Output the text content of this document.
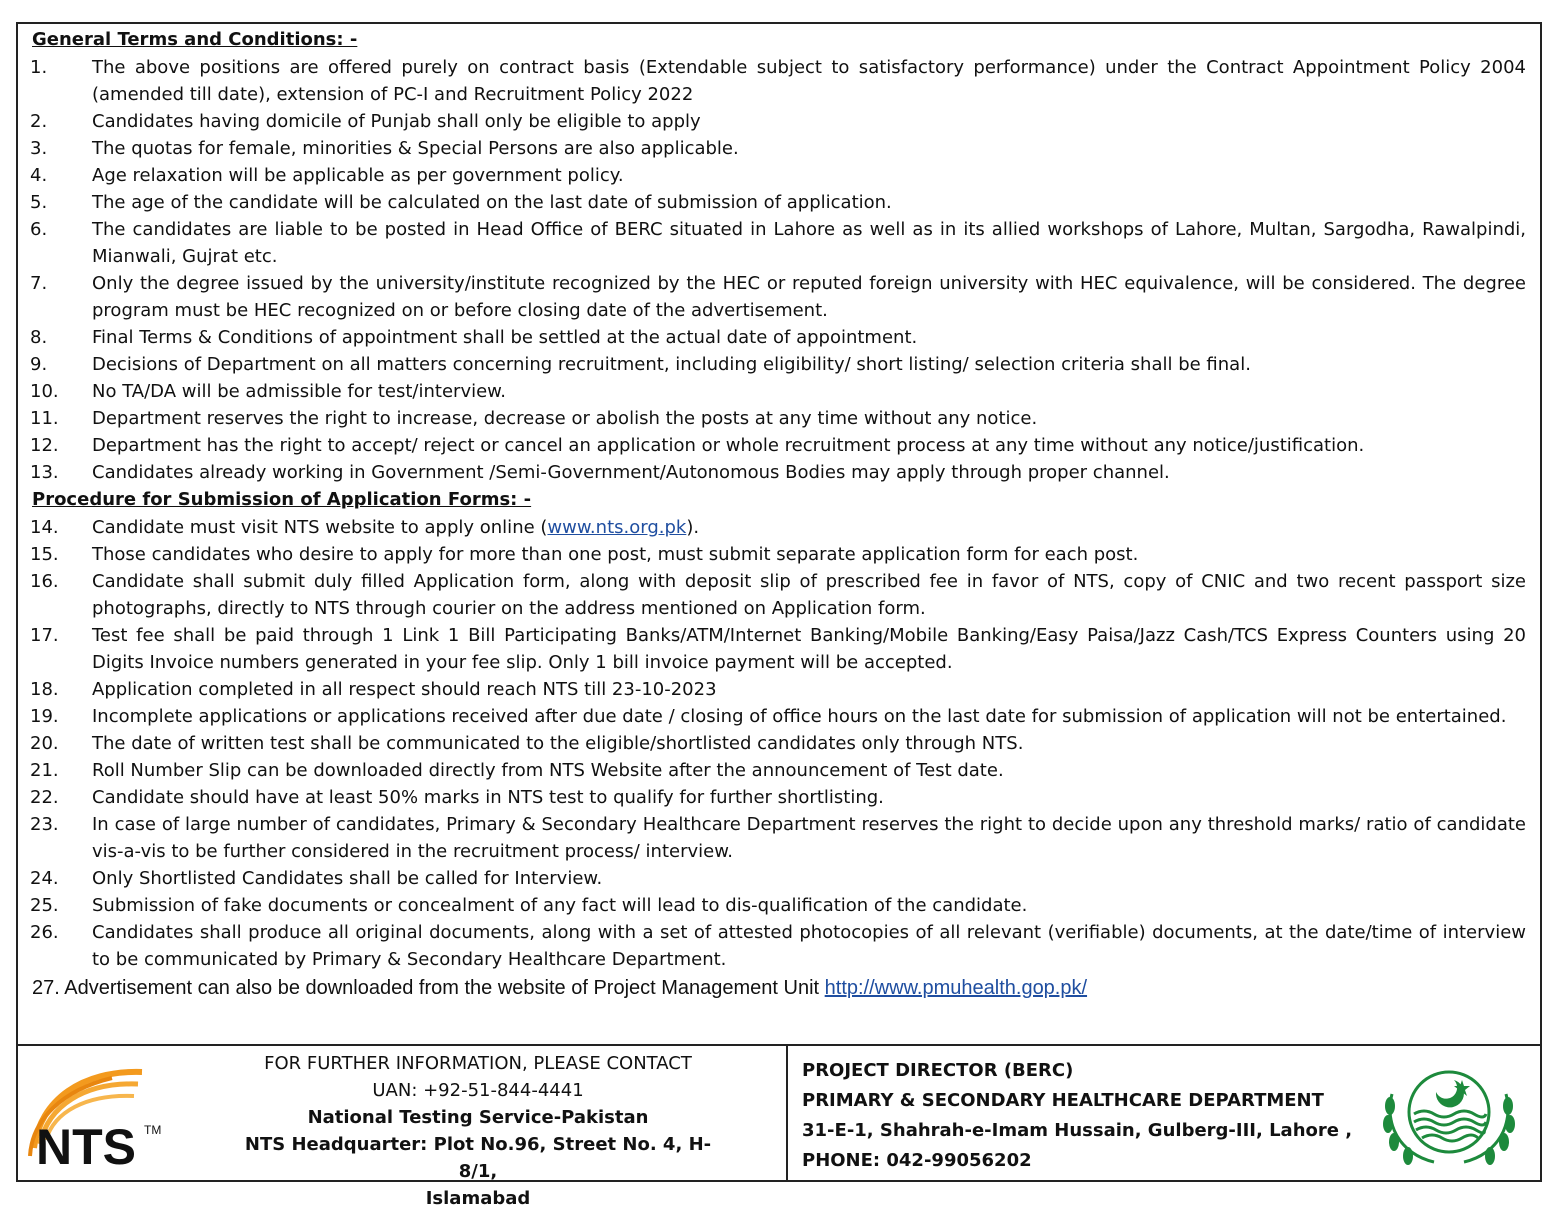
General Terms and Conditions: -
1. The above positions are offered purely on contract basis (Extendable subject to satisfactory performance) under the Contract Appointment Policy 2004 (amended till date), extension of PC-I and Recruitment Policy 2022
2. Candidates having domicile of Punjab shall only be eligible to apply
3. The quotas for female, minorities & Special Persons are also applicable.
4. Age relaxation will be applicable as per government policy.
5. The age of the candidate will be calculated on the last date of submission of application.
6. The candidates are liable to be posted in Head Office of BERC situated in Lahore as well as in its allied workshops of Lahore, Multan, Sargodha, Rawalpindi, Mianwali, Gujrat etc.
7. Only the degree issued by the university/institute recognized by the HEC or reputed foreign university with HEC equivalence, will be considered. The degree program must be HEC recognized on or before closing date of the advertisement.
8. Final Terms & Conditions of appointment shall be settled at the actual date of appointment.
9. Decisions of Department on all matters concerning recruitment, including eligibility/ short listing/ selection criteria shall be final.
10. No TA/DA will be admissible for test/interview.
11. Department reserves the right to increase, decrease or abolish the posts at any time without any notice.
12. Department has the right to accept/ reject or cancel an application or whole recruitment process at any time without any notice/justification.
13. Candidates already working in Government /Semi-Government/Autonomous Bodies may apply through proper channel.
Procedure for Submission of Application Forms: -
14. Candidate must visit NTS website to apply online (www.nts.org.pk).
15. Those candidates who desire to apply for more than one post, must submit separate application form for each post.
16. Candidate shall submit duly filled Application form, along with deposit slip of prescribed fee in favor of NTS, copy of CNIC and two recent passport size photographs, directly to NTS through courier on the address mentioned on Application form.
17. Test fee shall be paid through 1 Link 1 Bill Participating Banks/ATM/Internet Banking/Mobile Banking/Easy Paisa/Jazz Cash/TCS Express Counters using 20 Digits Invoice numbers generated in your fee slip. Only 1 bill invoice payment will be accepted.
18. Application completed in all respect should reach NTS till 23-10-2023
19. Incomplete applications or applications received after due date / closing of office hours on the last date for submission of application will not be entertained.
20. The date of written test shall be communicated to the eligible/shortlisted candidates only through NTS.
21. Roll Number Slip can be downloaded directly from NTS Website after the announcement of Test date.
22. Candidate should have at least 50% marks in NTS test to qualify for further shortlisting.
23. In case of large number of candidates, Primary & Secondary Healthcare Department reserves the right to decide upon any threshold marks/ ratio of candidate vis-a-vis to be further considered in the recruitment process/ interview.
24. Only Shortlisted Candidates shall be called for Interview.
25. Submission of fake documents or concealment of any fact will lead to dis-qualification of the candidate.
26. Candidates shall produce all original documents, along with a set of attested photocopies of all relevant (verifiable) documents, at the date/time of interview to be communicated by Primary & Secondary Healthcare Department.
27. Advertisement can also be downloaded from the website of Project Management Unit http://www.pmuhealth.gop.pk/
NTS TM
FOR FURTHER INFORMATION, PLEASE CONTACT
UAN: +92-51-844-4441
National Testing Service-Pakistan
NTS Headquarter: Plot No.96, Street No. 4, H-8/1,
Islamabad
PROJECT DIRECTOR (BERC)
PRIMARY & SECONDARY HEALTHCARE DEPARTMENT
31-E-1, Shahrah-e-Imam Hussain, Gulberg-III, Lahore ,
PHONE: 042-99056202
